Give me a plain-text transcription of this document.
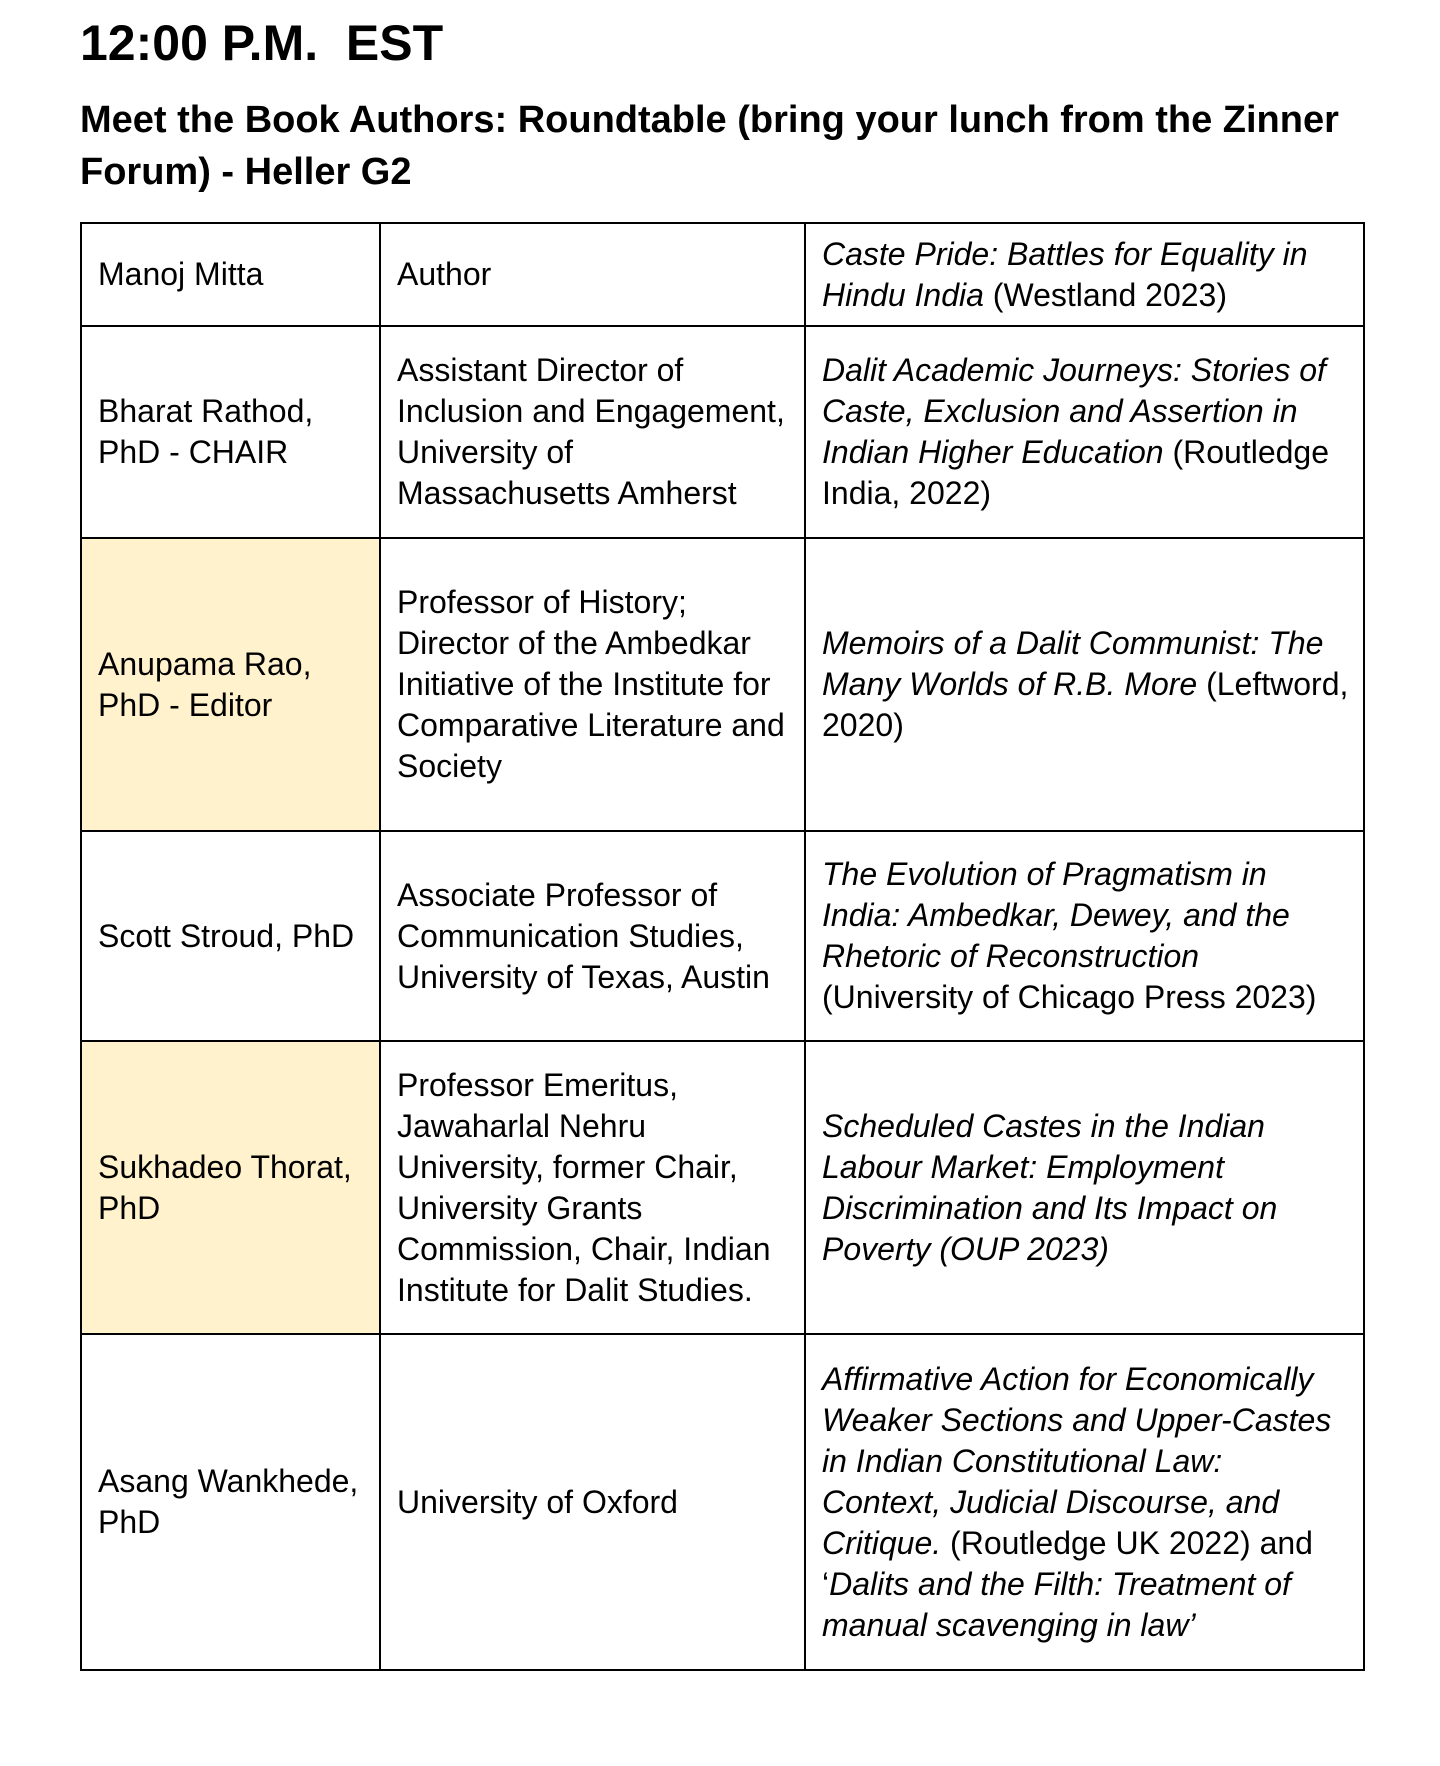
12:00 P.M.  EST
Meet the Book Authors: Roundtable (bring your lunch from the Zinner Forum) - Heller G2
Manoj Mitta	Author	Caste Pride: Battles for Equality in Hindu India (Westland 2023)
Bharat Rathod, PhD - CHAIR	Assistant Director of Inclusion and Engagement, University of Massachusetts Amherst	Dalit Academic Journeys: Stories of Caste, Exclusion and Assertion in Indian Higher Education (Routledge India, 2022)
Anupama Rao, PhD - Editor	Professor of History; Director of the Ambedkar Initiative of the Institute for Comparative Literature and Society	Memoirs of a Dalit Communist: The Many Worlds of R.B. More (Leftword, 2020)
Scott Stroud, PhD	Associate Professor of Communication Studies, University of Texas, Austin	The Evolution of Pragmatism in India: Ambedkar, Dewey, and the Rhetoric of Reconstruction (University of Chicago Press 2023)
Sukhadeo Thorat, PhD	Professor Emeritus, Jawaharlal Nehru University, former Chair, University Grants Commission, Chair, Indian Institute for Dalit Studies.	Scheduled Castes in the Indian Labour Market: Employment Discrimination and Its Impact on Poverty (OUP 2023)
Asang Wankhede, PhD	University of Oxford	Affirmative Action for Economically Weaker Sections and Upper-Castes in Indian Constitutional Law: Context, Judicial Discourse, and Critique. (Routledge UK 2022) and ‘Dalits and the Filth: Treatment of manual scavenging in law’
